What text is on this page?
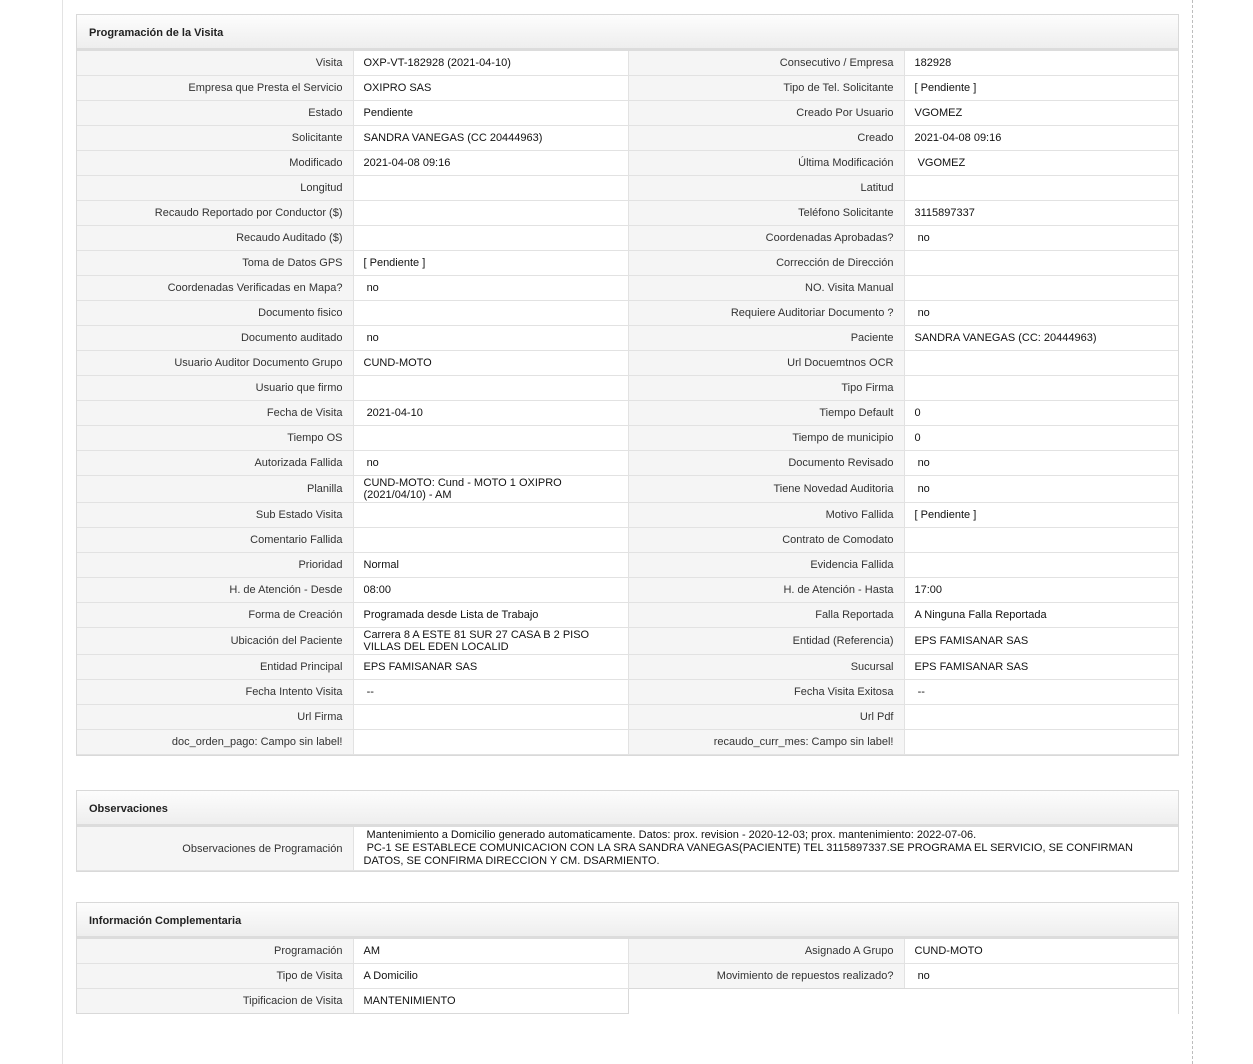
Programación de la Visita
Visita	OXP-VT-182928 (2021-04-10)	Consecutivo / Empresa	182928
Empresa que Presta el Servicio	OXIPRO SAS	Tipo de Tel. Solicitante	[ Pendiente ]
Estado	Pendiente	Creado Por Usuario	VGOMEZ
Solicitante	SANDRA VANEGAS (CC 20444963)	Creado	2021-04-08 09:16
Modificado	2021-04-08 09:16	Última Modificación	VGOMEZ
Longitud		Latitud	
Recaudo Reportado por Conductor ($)		Teléfono Solicitante	3115897337
Recaudo Auditado ($)		Coordenadas Aprobadas?	no
Toma de Datos GPS	[ Pendiente ]	Corrección de Dirección	
Coordenadas Verificadas en Mapa?	no	NO. Visita Manual	
Documento fisico		Requiere Auditoriar Documento ?	no
Documento auditado	no	Paciente	SANDRA VANEGAS (CC: 20444963)
Usuario Auditor Documento Grupo	CUND-MOTO	Url Docuemtnos OCR	
Usuario que firmo		Tipo Firma	
Fecha de Visita	2021-04-10	Tiempo Default	0
Tiempo OS		Tiempo de municipio	0
Autorizada Fallida	no	Documento Revisado	no
Planilla	CUND-MOTO: Cund - MOTO 1 OXIPRO (2021/04/10) - AM	Tiene Novedad Auditoria	no
Sub Estado Visita		Motivo Fallida	[ Pendiente ]
Comentario Fallida		Contrato de Comodato	
Prioridad	Normal	Evidencia Fallida	
H. de Atención - Desde	08:00	H. de Atención - Hasta	17:00
Forma de Creación	Programada desde Lista de Trabajo	Falla Reportada	A Ninguna Falla Reportada
Ubicación del Paciente	Carrera 8 A ESTE 81 SUR 27 CASA B 2 PISO VILLAS DEL EDEN LOCALID	Entidad (Referencia)	EPS FAMISANAR SAS
Entidad Principal	EPS FAMISANAR SAS	Sucursal	EPS FAMISANAR SAS
Fecha Intento Visita	--	Fecha Visita Exitosa	--
Url Firma		Url Pdf	
doc_orden_pago: Campo sin label!		recaudo_curr_mes: Campo sin label!	
Observaciones
Observaciones de Programación	
Mantenimiento a Domicilio generado automaticamente. Datos: prox. revision - 2020-12-03; prox. mantenimiento: 2022-07-06.
PC-1 SE ESTABLECE COMUNICACION CON LA SRA SANDRA VANEGAS(PACIENTE) TEL 3115897337.SE PROGRAMA EL SERVICIO, SE CONFIRMAN DATOS, SE CONFIRMA DIRECCION Y CM. DSARMIENTO.
Información Complementaria
Programación	AM	Asignado A Grupo	CUND-MOTO
Tipo de Visita	A Domicilio	Movimiento de repuestos realizado?	no
Tipificacion de Visita	MANTENIMIENTO		
